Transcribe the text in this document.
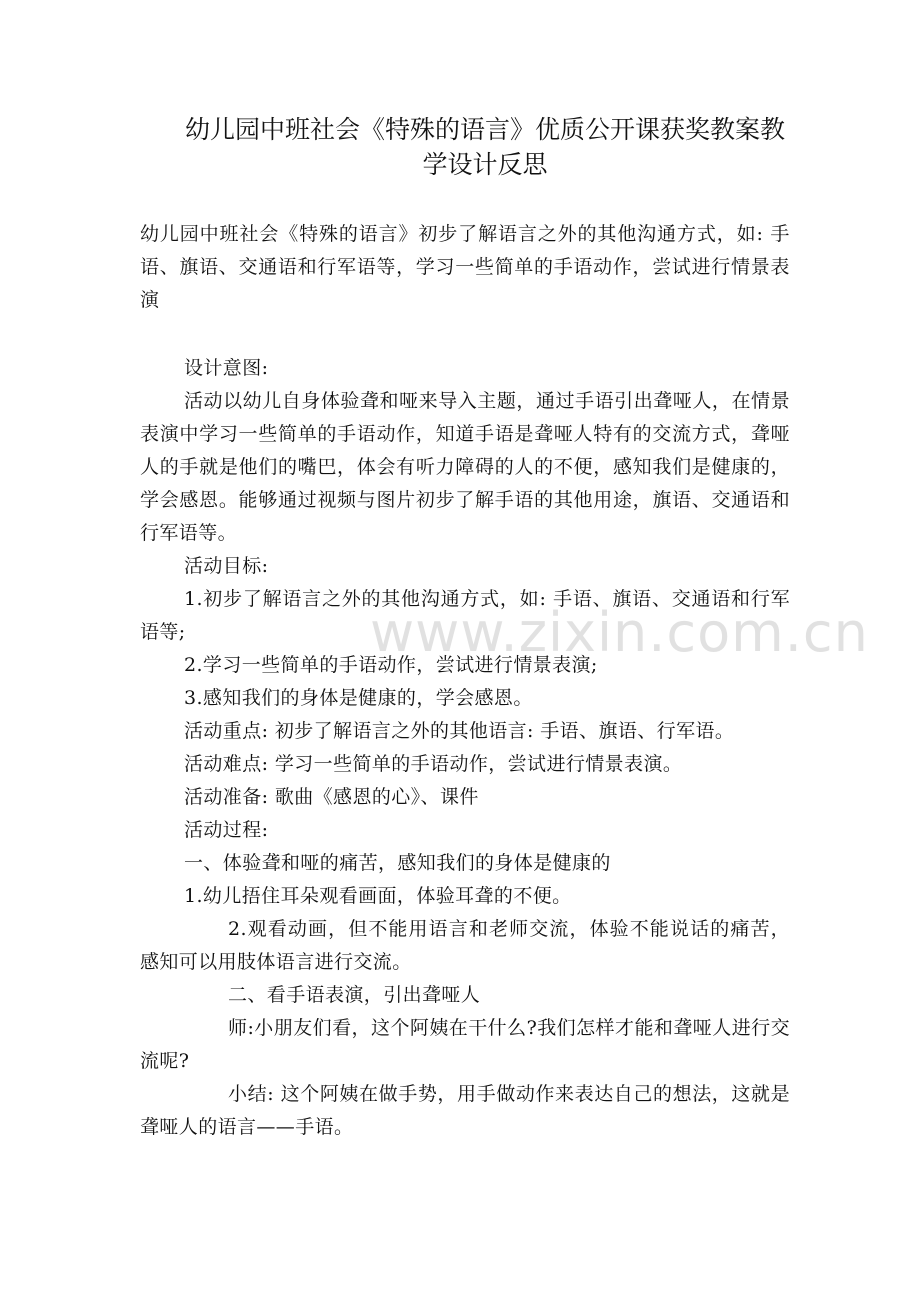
幼儿园中班社会《特殊的语言》优质公开课获奖教案教
学设计反思
幼儿园中班社会《特殊的语言》初步了解语言之外的其他沟通方式，如: 手语、旗语、交通语和行军语等，学习一些简单的手语动作，尝试进行情景表演

设计意图:

活动以幼儿自身体验聋和哑来导入主题，通过手语引出聋哑人，在情景表演中学习一些简单的手语动作，知道手语是聋哑人特有的交流方式，聋哑人的手就是他们的嘴巴，体会有听力障碍的人的不便，感知我们是健康的，学会感恩。能够通过视频与图片初步了解手语的其他用途，旗语、交通语和行军语等。

活动目标:

1.初步了解语言之外的其他沟通方式，如: 手语、旗语、交通语和行军语等;

2.学习一些简单的手语动作，尝试进行情景表演;

3.感知我们的身体是健康的，学会感恩。

活动重点: 初步了解语言之外的其他语言: 手语、旗语、行军语。

活动难点: 学习一些简单的手语动作，尝试进行情景表演。

活动准备: 歌曲《感恩的心》、课件

活动过程:

一、体验聋和哑的痛苦，感知我们的身体是健康的

1.幼儿捂住耳朵观看画面，体验耳聋的不便。

2.观看动画，但不能用语言和老师交流，体验不能说话的痛苦，感知可以用肢体语言进行交流。

二、看手语表演，引出聋哑人

师:小朋友们看，这个阿姨在干什么?我们怎样才能和聋哑人进行交流呢?

小结: 这个阿姨在做手势，用手做动作来表达自己的想法，这就是聋哑人的语言——手语。

www.zixin.com.cn
